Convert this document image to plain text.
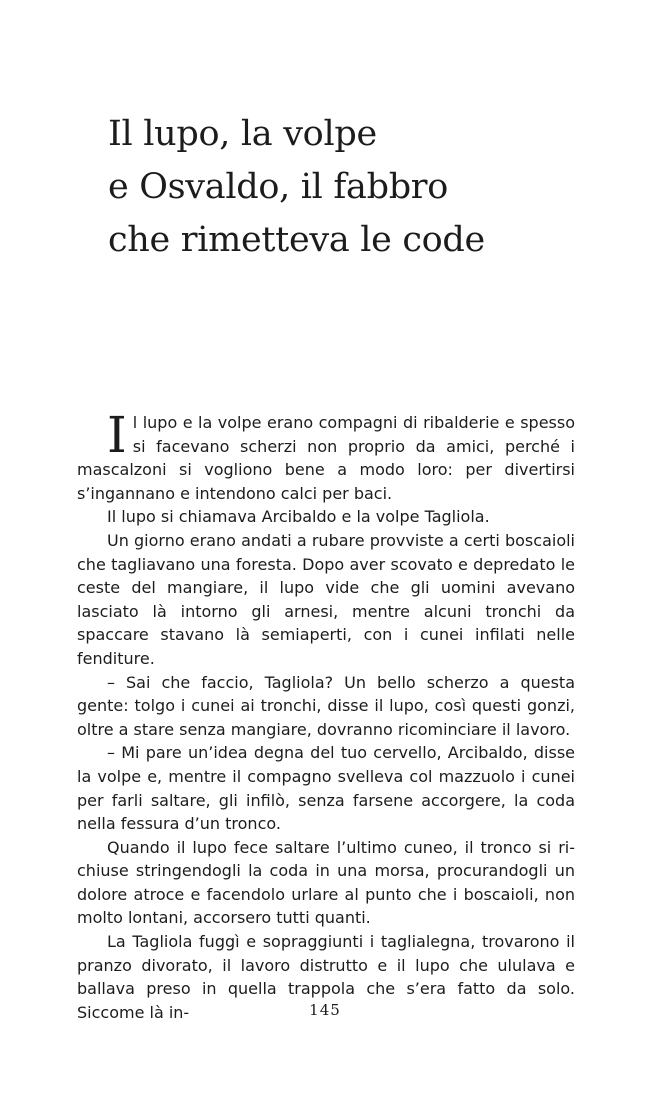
Il lupo, la volpe
e Osvaldo, il fabbro
che rimetteva le code

Il lupo e la volpe erano compagni di ribalderie e spesso si facevano scherzi non proprio da amici, perché i mascalzoni si vogliono bene a modo loro: per divertirsi s’ingannano e intendono calci per baci.

Il lupo si chiamava Arcibaldo e la volpe Tagliola.

Un giorno erano andati a rubare provviste a certi boscaioli che tagliavano una foresta. Dopo aver scovato e depredato le ceste del mangiare, il lupo vide che gli uomini avevano lasciato là intorno gli arnesi, mentre alcuni tronchi da spaccare stavano là semiaperti, con i cunei infilati nelle fenditure.

– Sai che faccio, Tagliola? Un bello scherzo a questa gente: tolgo i cunei ai tronchi, disse il lupo, così questi gonzi, oltre a stare senza mangiare, dovranno ricominciare il lavoro.

– Mi pare un’idea degna del tuo cervello, Arcibaldo, disse la volpe e, mentre il compagno svelleva col mazzuolo i cunei per farli saltare, gli infilò, senza farsene accorgere, la coda nella fessura d’un tronco.

Quando il lupo fece saltare l’ultimo cuneo, il tronco si richiuse stringendogli la coda in una morsa, procurandogli un dolore atroce e facendolo urlare al punto che i boscaioli, non molto lontani, accorsero tutti quanti.

La Tagliola fuggì e sopraggiunti i taglialegna, trovarono il pranzo divorato, il lavoro distrutto e il lupo che ululava e ballava preso in quella trappola che s’era fatto da solo. Siccome là in-	145
